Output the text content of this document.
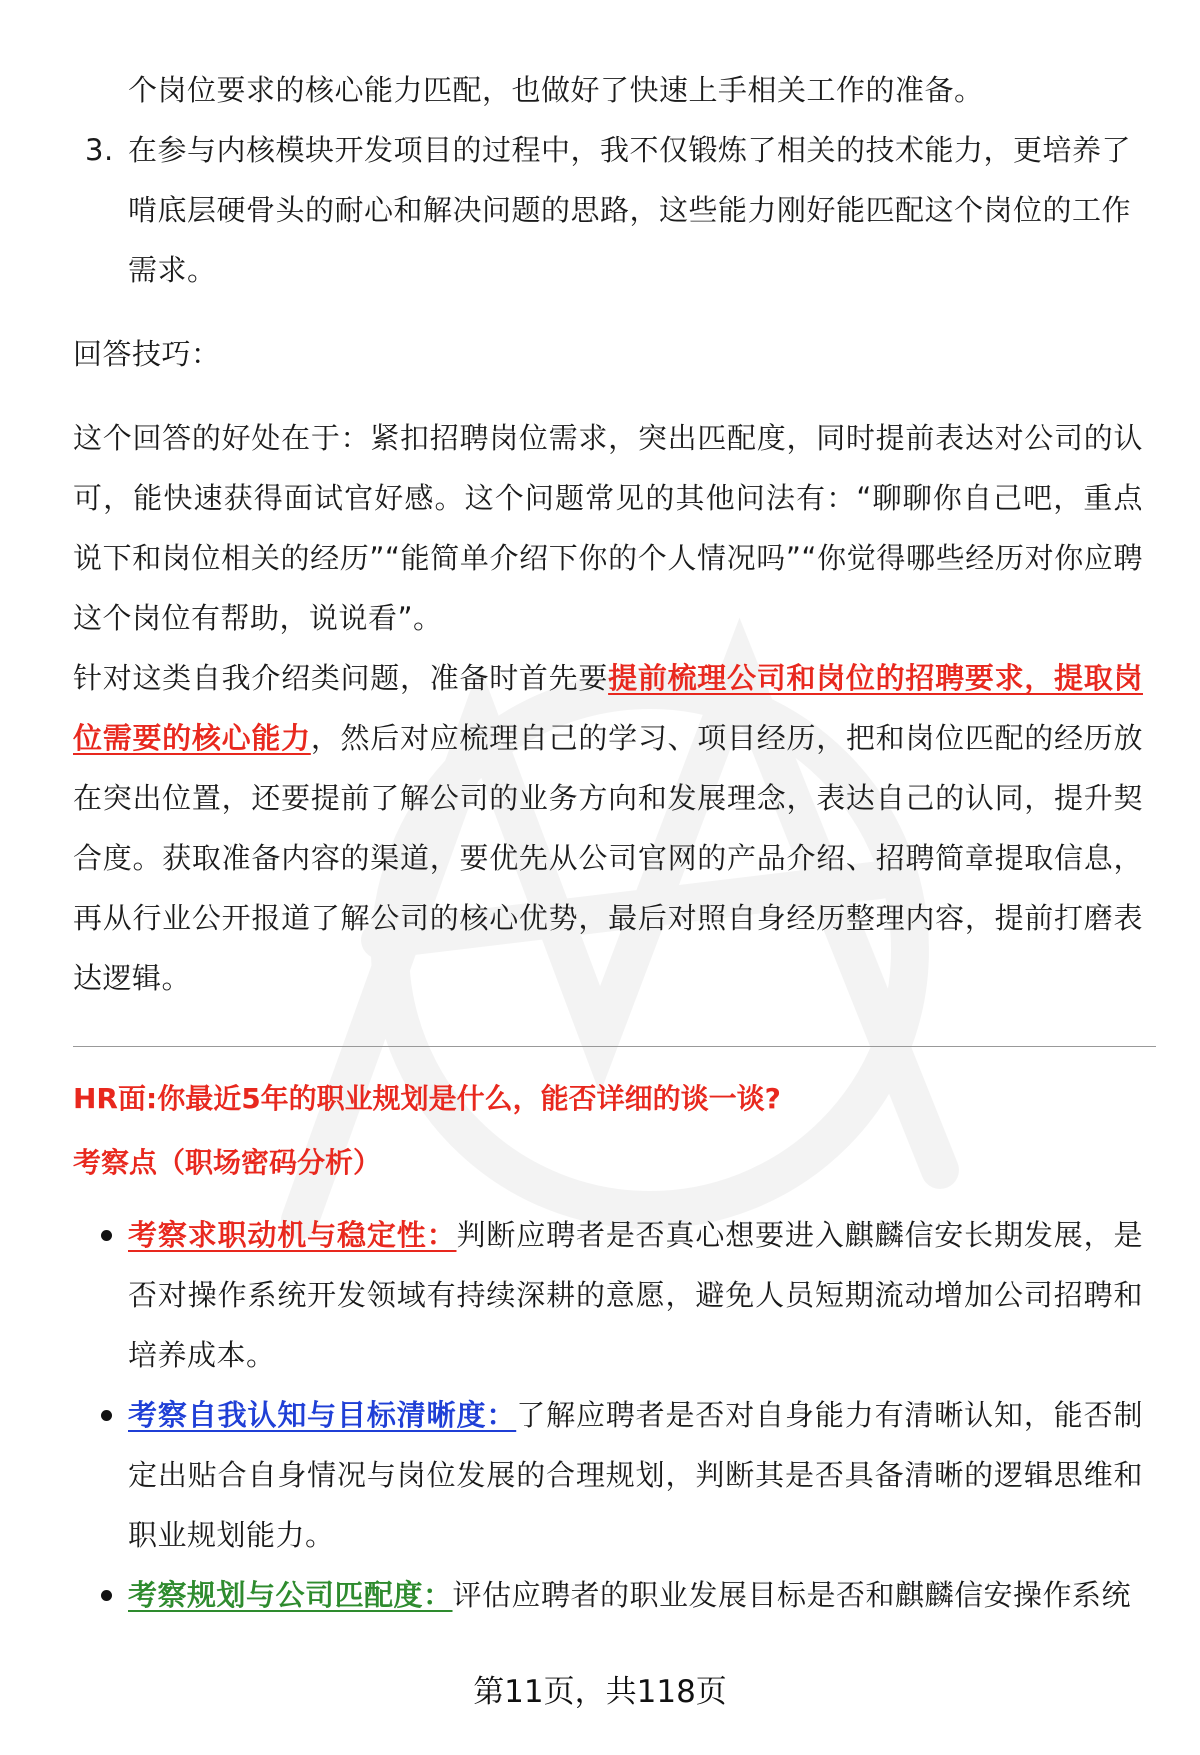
个岗位要求的核心能力匹配，也做好了快速上手相关工作的准备。

3. 在参与内核模块开发项目的过程中，我不仅锻炼了相关的技术能力，更培养了啃底层硬骨头的耐心和解决问题的思路，这些能力刚好能匹配这个岗位的工作需求。

回答技巧：

这个回答的好处在于：紧扣招聘岗位需求，突出匹配度，同时提前表达对公司的认可，能快速获得面试官好感。这个问题常见的其他问法有：“聊聊你自己吧，重点说下和岗位相关的经历”“能简单介绍下你的个人情况吗”“你觉得哪些经历对你应聘这个岗位有帮助，说说看”。

针对这类自我介绍类问题，准备时首先要提前梳理公司和岗位的招聘要求，提取岗位需要的核心能力，然后对应梳理自己的学习、项目经历，把和岗位匹配的经历放在突出位置，还要提前了解公司的业务方向和发展理念，表达自己的认同，提升契合度。获取准备内容的渠道，要优先从公司官网的产品介绍、招聘简章提取信息，再从行业公开报道了解公司的核心优势，最后对照自身经历整理内容，提前打磨表达逻辑。

HR面:你最近5年的职业规划是什么，能否详细的谈一谈?

考察点（职场密码分析）

考察求职动机与稳定性：判断应聘者是否真心想要进入麒麟信安长期发展，是否对操作系统开发领域有持续深耕的意愿，避免人员短期流动增加公司招聘和培养成本。
考察自我认知与目标清晰度：了解应聘者是否对自身能力有清晰认知，能否制定出贴合自身情况与岗位发展的合理规划，判断其是否具备清晰的逻辑思维和职业规划能力。
考察规划与公司匹配度：评估应聘者的职业发展目标是否和麒麟信安操作系统
第11页，共118页
